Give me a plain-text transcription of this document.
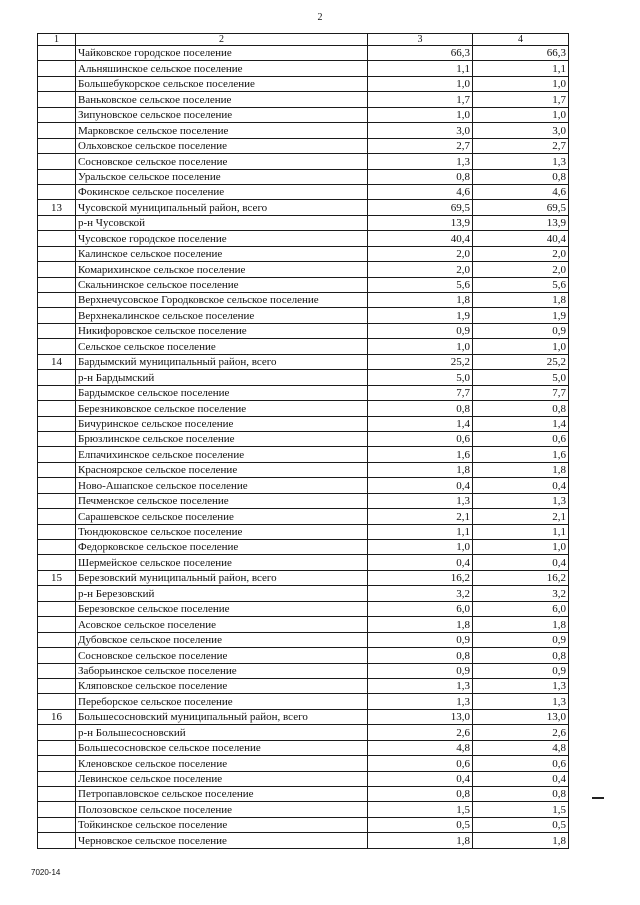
2
1	2	3	4
	Чайковское городское поселение	66,3	66,3
	Альняшинское сельское поселение	1,1	1,1
	Большебукорское сельское поселение	1,0	1,0
	Ваньковское сельское поселение	1,7	1,7
	Зипуновское сельское поселение	1,0	1,0
	Марковское сельское поселение	3,0	3,0
	Ольховское сельское поселение	2,7	2,7
	Сосновское сельское поселение	1,3	1,3
	Уральское сельское поселение	0,8	0,8
	Фокинское сельское поселение	4,6	4,6
13	Чусовской муниципальный район, всего	69,5	69,5
	р-н Чусовской	13,9	13,9
	Чусовское городское поселение	40,4	40,4
	Калинское сельское поселение	2,0	2,0
	Комарихинское сельское поселение	2,0	2,0
	Скальнинское сельское поселение	5,6	5,6
	Верхнечусовское Городковское сельское поселение	1,8	1,8
	Верхнекалинское сельское поселение	1,9	1,9
	Никифоровское сельское поселение	0,9	0,9
	Сельское сельское поселение	1,0	1,0
14	Бардымский муниципальный район, всего	25,2	25,2
	р-н Бардымский	5,0	5,0
	Бардымское сельское поселение	7,7	7,7
	Березниковское сельское поселение	0,8	0,8
	Бичуринское сельское поселение	1,4	1,4
	Брюзлинское сельское поселение	0,6	0,6
	Елпачихинское сельское поселение	1,6	1,6
	Красноярское сельское поселение	1,8	1,8
	Ново-Ашапское сельское поселение	0,4	0,4
	Печменское сельское поселение	1,3	1,3
	Сарашевское сельское поселение	2,1	2,1
	Тюндюковское сельское поселение	1,1	1,1
	Федорковское сельское поселение	1,0	1,0
	Шермейское сельское поселение	0,4	0,4
15	Березовский муниципальный район, всего	16,2	16,2
	р-н Березовский	3,2	3,2
	Березовское сельское поселение	6,0	6,0
	Асовское сельское поселение	1,8	1,8
	Дубовское сельское поселение	0,9	0,9
	Сосновское сельское поселение	0,8	0,8
	Заборьинское сельское поселение	0,9	0,9
	Кляповское сельское поселение	1,3	1,3
	Переборское сельское поселение	1,3	1,3
16	Большесосновский муниципальный район, всего	13,0	13,0
	р-н Большесосновский	2,6	2,6
	Большесосновское сельское поселение	4,8	4,8
	Кленовское сельское поселение	0,6	0,6
	Левинское сельское поселение	0,4	0,4
	Петропавловское сельское поселение	0,8	0,8
	Полозовское сельское поселение	1,5	1,5
	Тойкинское сельское поселение	0,5	0,5
	Черновское сельское поселение	1,8	1,8
7020-14
